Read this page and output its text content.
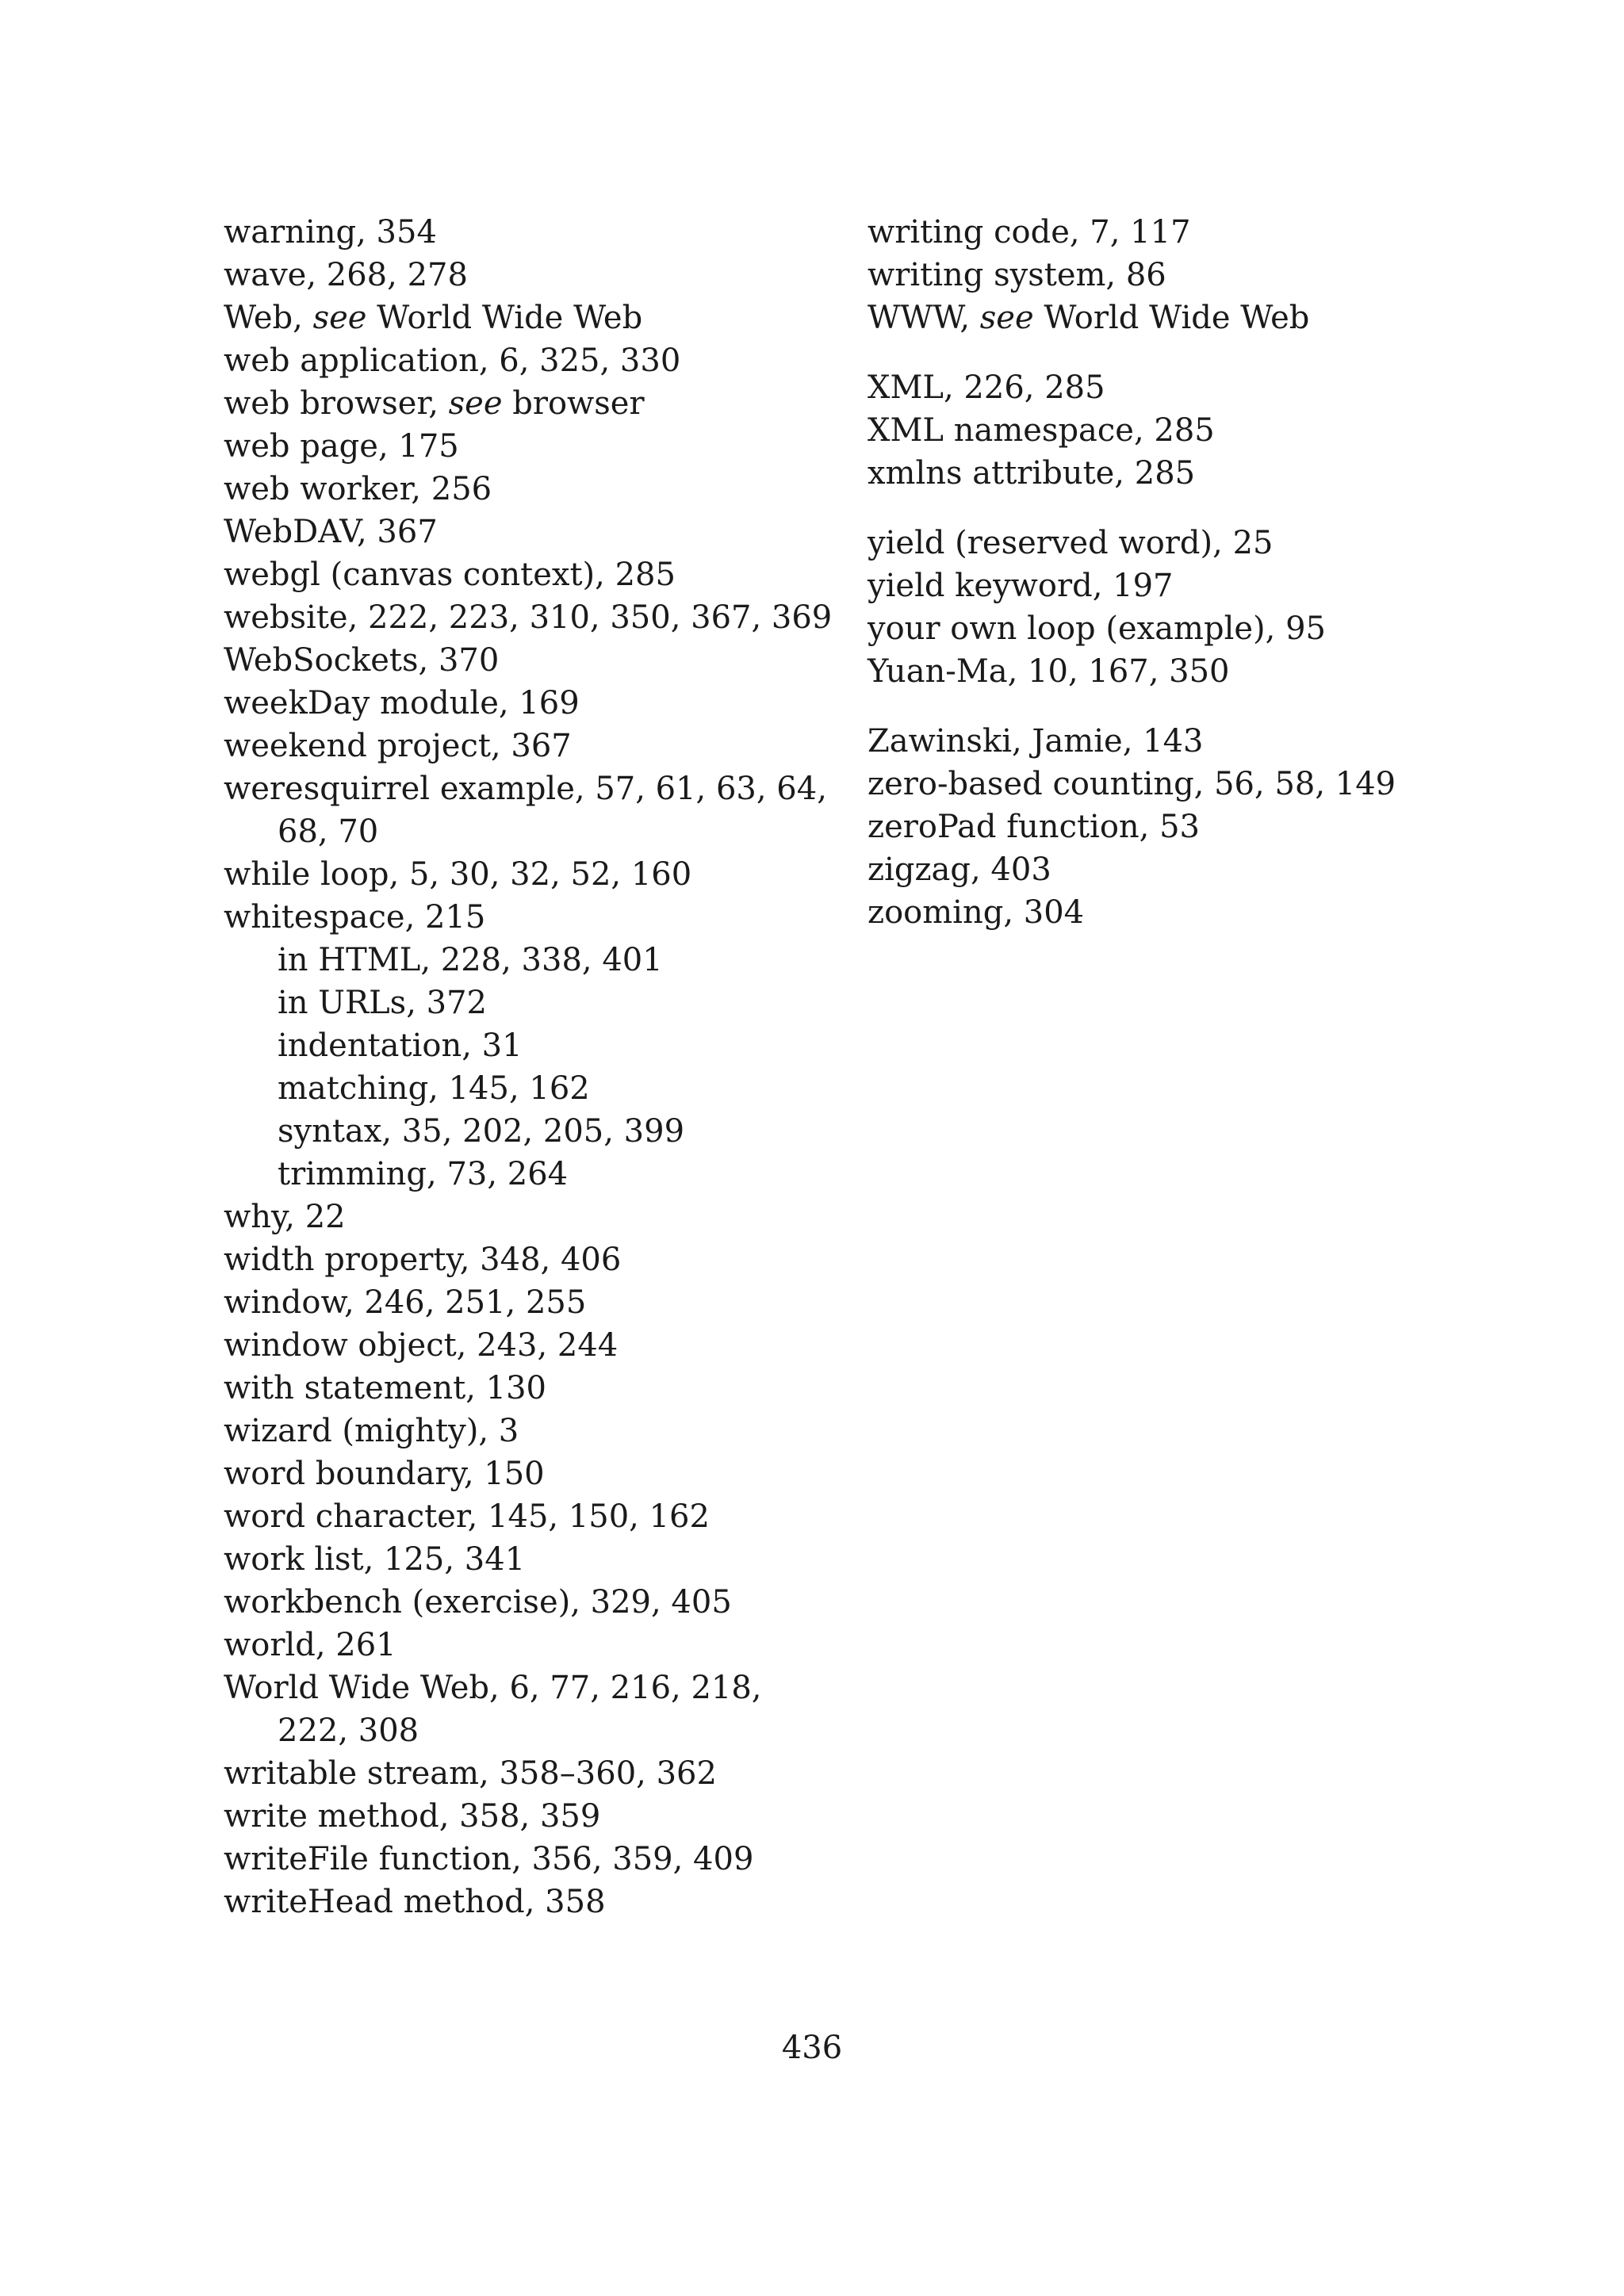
warning, 354
wave, 268, 278
Web, see World Wide Web
web application, 6, 325, 330
web browser, see browser
web page, 175
web worker, 256
WebDAV, 367
webgl (canvas context), 285
website, 222, 223, 310, 350, 367, 369
WebSockets, 370
weekDay module, 169
weekend project, 367
weresquirrel example, 57, 61, 63, 64,
68, 70
while loop, 5, 30, 32, 52, 160
whitespace, 215
in HTML, 228, 338, 401
in URLs, 372
indentation, 31
matching, 145, 162
syntax, 35, 202, 205, 399
trimming, 73, 264
why, 22
width property, 348, 406
window, 246, 251, 255
window object, 243, 244
with statement, 130
wizard (mighty), 3
word boundary, 150
word character, 145, 150, 162
work list, 125, 341
workbench (exercise), 329, 405
world, 261
World Wide Web, 6, 77, 216, 218,
222, 308
writable stream, 358–360, 362
write method, 358, 359
writeFile function, 356, 359, 409
writeHead method, 358
writing code, 7, 117
writing system, 86
WWW, see World Wide Web
XML, 226, 285
XML namespace, 285
xmlns attribute, 285
yield (reserved word), 25
yield keyword, 197
your own loop (example), 95
Yuan-Ma, 10, 167, 350
Zawinski, Jamie, 143
zero-based counting, 56, 58, 149
zeroPad function, 53
zigzag, 403
zooming, 304
436
